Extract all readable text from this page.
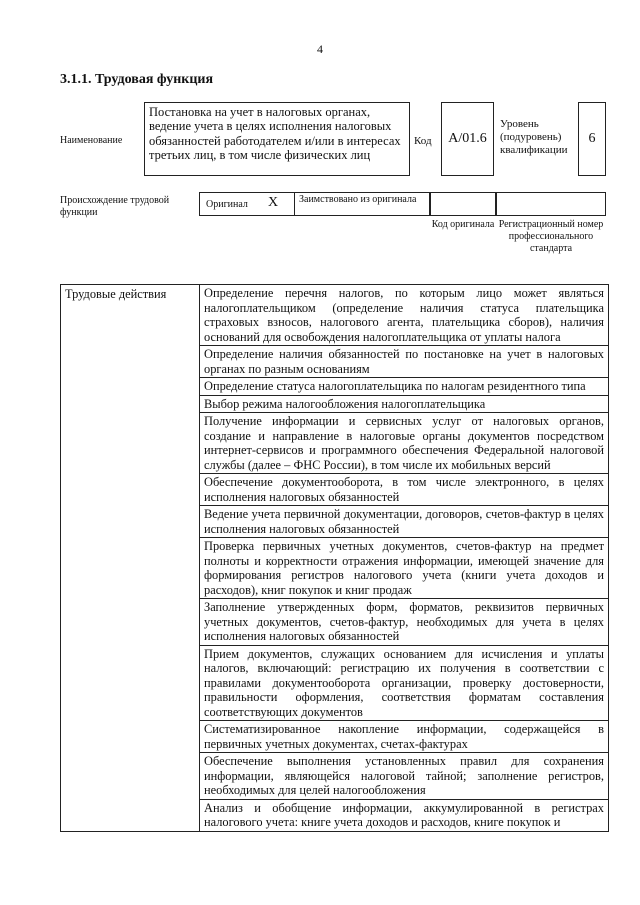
4
3.1.1. Трудовая функция
Наименование
Постановка на учет в налоговых органах, ведение учета в целях исполнения налоговых обязанностей работодателем и/или в интересах третьих лиц, в том числе физических лиц
Код	A/01.6
Уровень
(подуровень)
квалификации
6
Происхождение трудовой
функции
Оригинал X	Заимствовано из оригинала
Код оригинала Регистрационный номер профессионального стандарта
Трудовые действия	Определение перечня налогов, по которым лицо может являться налогоплательщиком (определение наличия статуса плательщика страховых взносов, налогового агента, плательщика сборов), наличия оснований для освобождения налогоплательщика от уплаты налога
Определение наличия обязанностей по постановке на учет в налоговых органах по разным основаниям
Определение статуса налогоплательщика по налогам резидентного типа
Выбор режима налогообложения налогоплательщика
Получение информации и сервисных услуг от налоговых органов, создание и направление в налоговые органы документов посредством интернет-сервисов и программного обеспечения Федеральной налоговой службы (далее – ФНС России), в том числе их мобильных версий
Обеспечение документооборота, в том числе электронного, в целях исполнения налоговых обязанностей
Ведение учета первичной документации, договоров, счетов-фактур в целях исполнения налоговых обязанностей
Проверка первичных учетных документов, счетов-фактур на предмет полноты и корректности отражения информации, имеющей значение для формирования регистров налогового учета (книги учета доходов и расходов), книг покупок и книг продаж
Заполнение утвержденных форм, форматов, реквизитов первичных учетных документов, счетов-фактур, необходимых для учета в целях исполнения налоговых обязанностей
Прием документов, служащих основанием для исчисления и уплаты налогов, включающий: регистрацию их получения в соответствии с правилами документооборота организации, проверку достоверности, правильности оформления, соответствия форматам составления соответствующих документов
Систематизированное накопление информации, содержащейся в первичных учетных документах, счетах-фактурах
Обеспечение выполнения установленных правил для сохранения информации, являющейся налоговой тайной; заполнение регистров, необходимых для целей налогообложения
Анализ и обобщение информации, аккумулированной в регистрах налогового учета: книге учета доходов и расходов, книге покупок и
